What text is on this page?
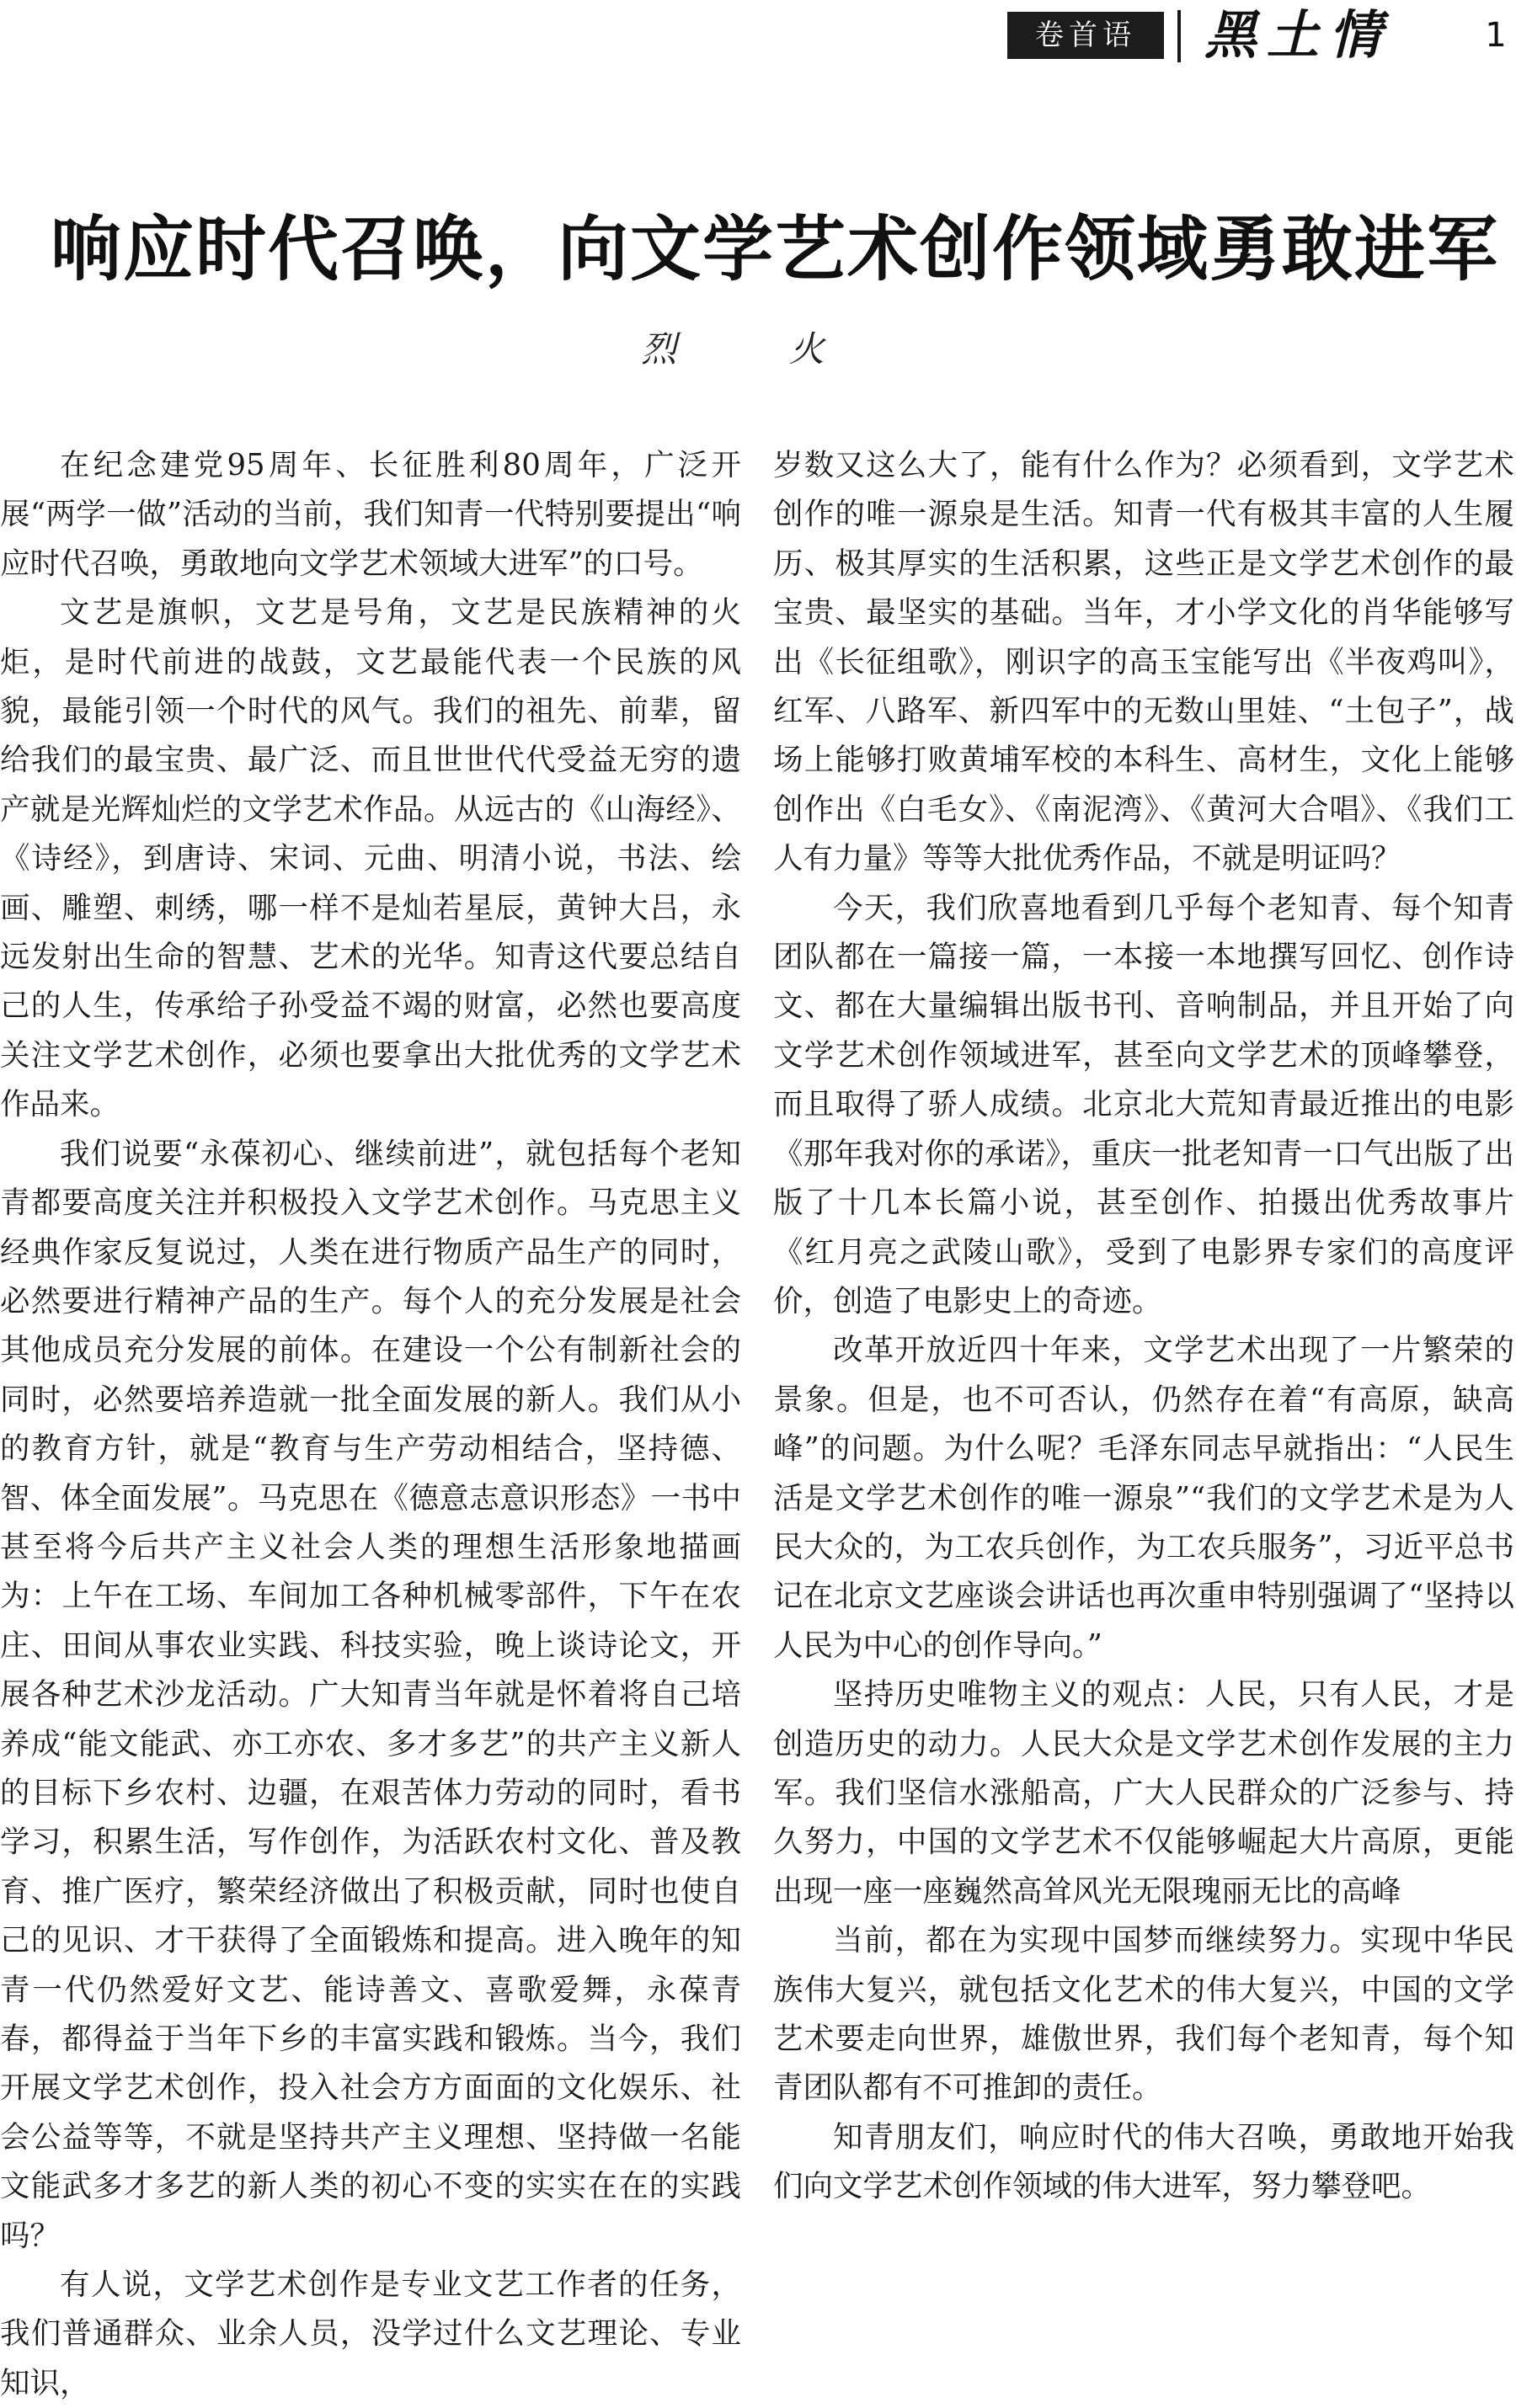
卷首语	黑土情	1
响应时代召唤，向文学艺术创作领域勇敢进军
烈 火

在纪念建党95周年、长征胜利80周年，广泛开展“两学一做”活动的当前，我们知青一代特别要提出“响应时代召唤，勇敢地向文学艺术领域大进军”的口号。

文艺是旗帜，文艺是号角，文艺是民族精神的火炬，是时代前进的战鼓，文艺最能代表一个民族的风貌，最能引领一个时代的风气。我们的祖先、前辈，留给我们的最宝贵、最广泛、而且世世代代受益无穷的遗产就是光辉灿烂的文学艺术作品。从远古的《山海经》、《诗经》，到唐诗、宋词、元曲、明清小说，书法、绘画、雕塑、刺绣，哪一样不是灿若星辰，黄钟大吕，永远发射出生命的智慧、艺术的光华。知青这代要总结自己的人生，传承给子孙受益不竭的财富，必然也要高度关注文学艺术创作，必须也要拿出大批优秀的文学艺术作品来。

我们说要“永葆初心、继续前进”，就包括每个老知青都要高度关注并积极投入文学艺术创作。马克思主义经典作家反复说过，人类在进行物质产品生产的同时，必然要进行精神产品的生产。每个人的充分发展是社会其他成员充分发展的前体。在建设一个公有制新社会的同时，必然要培养造就一批全面发展的新人。我们从小的教育方针，就是“教育与生产劳动相结合，坚持德、智、体全面发展”。马克思在《德意志意识形态》一书中甚至将今后共产主义社会人类的理想生活形象地描画为：上午在工场、车间加工各种机械零部件，下午在农庄、田间从事农业实践、科技实验，晚上谈诗论文，开展各种艺术沙龙活动。广大知青当年就是怀着将自己培养成“能文能武、亦工亦农、多才多艺”的共产主义新人的目标下乡农村、边疆，在艰苦体力劳动的同时，看书学习，积累生活，写作创作，为活跃农村文化、普及教育、推广医疗，繁荣经济做出了积极贡献，同时也使自己的见识、才干获得了全面锻炼和提高。进入晚年的知青一代仍然爱好文艺、能诗善文、喜歌爱舞，永葆青春，都得益于当年下乡的丰富实践和锻炼。当今，我们开展文学艺术创作，投入社会方方面面的文化娱乐、社会公益等等，不就是坚持共产主义理想、坚持做一名能文能武多才多艺的新人类的初心不变的实实在在的实践吗？

有人说，文学艺术创作是专业文艺工作者的任务，我们普通群众、业余人员，没学过什么文艺理论、专业知识，

岁数又这么大了，能有什么作为？必须看到，文学艺术创作的唯一源泉是生活。知青一代有极其丰富的人生履历、极其厚实的生活积累，这些正是文学艺术创作的最宝贵、最坚实的基础。当年，才小学文化的肖华能够写出《长征组歌》，刚识字的高玉宝能写出《半夜鸡叫》，红军、八路军、新四军中的无数山里娃、“土包子”，战场上能够打败黄埔军校的本科生、高材生，文化上能够创作出《白毛女》、《南泥湾》、《黄河大合唱》、《我们工人有力量》等等大批优秀作品，不就是明证吗？

今天，我们欣喜地看到几乎每个老知青、每个知青团队都在一篇接一篇，一本接一本地撰写回忆、创作诗文、都在大量编辑出版书刊、音响制品，并且开始了向文学艺术创作领域进军，甚至向文学艺术的顶峰攀登，而且取得了骄人成绩。北京北大荒知青最近推出的电影《那年我对你的承诺》，重庆一批老知青一口气出版了出版了十几本长篇小说，甚至创作、拍摄出优秀故事片《红月亮之武陵山歌》，受到了电影界专家们的高度评价，创造了电影史上的奇迹。

改革开放近四十年来，文学艺术出现了一片繁荣的景象。但是，也不可否认，仍然存在着“有高原，缺高峰”的问题。为什么呢？毛泽东同志早就指出：“人民生活是文学艺术创作的唯一源泉”“我们的文学艺术是为人民大众的，为工农兵创作，为工农兵服务”，习近平总书记在北京文艺座谈会讲话也再次重申特别强调了“坚持以人民为中心的创作导向。”

坚持历史唯物主义的观点：人民，只有人民，才是创造历史的动力。人民大众是文学艺术创作发展的主力军。我们坚信水涨船高，广大人民群众的广泛参与、持久努力，中国的文学艺术不仅能够崛起大片高原，更能出现一座一座巍然高耸风光无限瑰丽无比的高峰

当前，都在为实现中国梦而继续努力。实现中华民族伟大复兴，就包括文化艺术的伟大复兴，中国的文学艺术要走向世界，雄傲世界，我们每个老知青，每个知青团队都有不可推卸的责任。

知青朋友们，响应时代的伟大召唤，勇敢地开始我们向文学艺术创作领域的伟大进军，努力攀登吧。
